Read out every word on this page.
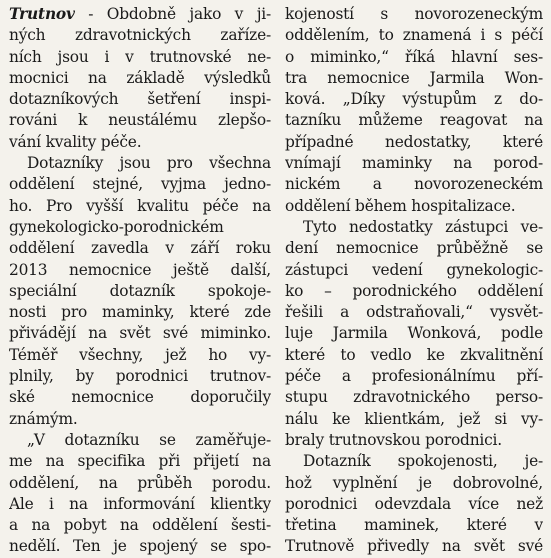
Trutnov - Obdobně jako v ji-
ných zdravotnických zaříze-
ních jsou i v trutnovské ne-
mocnici na základě výsledků
dotazníkových šetření inspi-
rováni k neustálému zlepšo-
vání kvality péče.
Dotazníky jsou pro všechna
oddělení stejné, vyjma jedno-
ho. Pro vyšší kvalitu péče na
gynekologicko-porodnickém
oddělení zavedla v září roku
2013 nemocnice ještě další,
speciální dotazník spokoje-
nosti pro maminky, které zde
přivádějí na svět své miminko.
Téměř všechny, jež ho vy-
plnily, by porodnici trutnov-
ské nemocnice doporučily
známým.
„V dotazníku se zaměřuje-
me na specifika při přijetí na
oddělení, na průběh porodu.
Ale i na informování klientky
a na pobyt na oddělení šesti-
nedělí. Ten je spojený se spo-
kojeností s novorozeneckým
oddělením, to znamená i s péčí
o miminko,“ říká hlavní ses-
tra nemocnice Jarmila Won-
ková. „Díky výstupům z do-
tazníku můžeme reagovat na
případné nedostatky, které
vnímají maminky na porod-
nickém a novorozeneckém
oddělení během hospitalizace.
Tyto nedostatky zástupci ve-
dení nemocnice průběžně se
zástupci vedení gynekologic-
ko – porodnického oddělení
řešili a odstraňovali,“ vysvět-
luje Jarmila Wonková, podle
které to vedlo ke zkvalitnění
péče a profesionálnímu pří-
stupu zdravotnického perso-
nálu ke klientkám, jež si vy-
braly trutnovskou porodnici.
Dotazník spokojenosti, je-
hož vyplnění je dobrovolné,
porodnici odevzdala více než
třetina maminek, které v
Trutnově přivedly na svět své
